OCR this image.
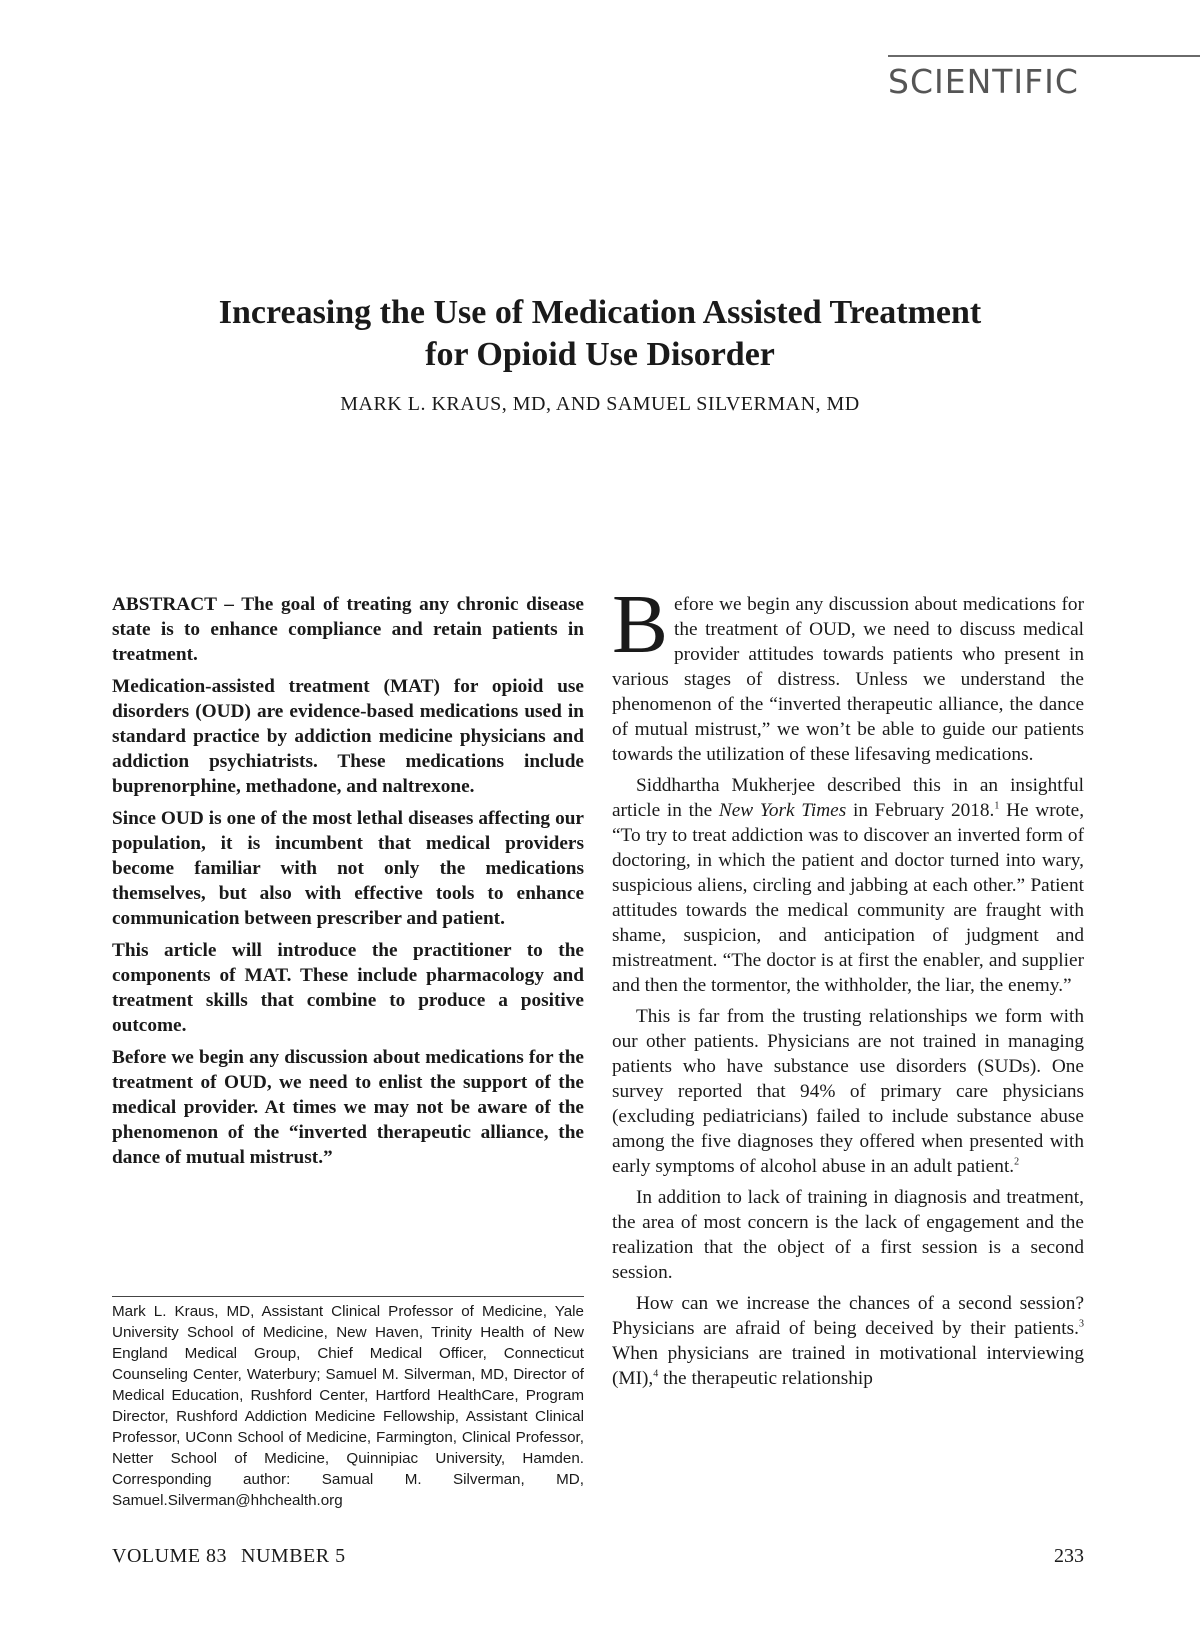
SCIENTIFIC
Increasing the Use of Medication Assisted Treatment
for Opioid Use Disorder
MARK L. KRAUS, MD, AND SAMUEL SILVERMAN, MD

ABSTRACT – The goal of treating any chronic disease state is to enhance compliance and retain patients in treatment.

Medication-assisted treatment (MAT) for opioid use disorders (OUD) are evidence-based medications used in standard practice by addiction medicine physicians and addiction psychiatrists. These medications include buprenorphine, methadone, and naltrexone.

Since OUD is one of the most lethal diseases affecting our population, it is incumbent that medical providers become familiar with not only the medications themselves, but also with effective tools to enhance communication between prescriber and patient.

This article will introduce the practitioner to the components of MAT. These include pharmacology and treatment skills that combine to produce a positive outcome.

Before we begin any discussion about medications for the treatment of OUD, we need to enlist the support of the medical provider. At times we may not be aware of the phenomenon of the “inverted therapeutic alliance, the dance of mutual mistrust.”

Mark L. Kraus, MD, Assistant Clinical Professor of Medicine, Yale University School of Medicine, New Haven, Trinity Health of New England Medical Group, Chief Medical Officer, Connecticut Counseling Center, Waterbury; Samuel M. Silverman, MD, Director of Medical Education, Rushford Center, Hartford HealthCare, Program Director, Rushford Addiction Medicine Fellowship, Assistant Clinical Professor, UConn School of Medicine, Farmington, Clinical Professor, Netter School of Medicine, Quinnipiac University, Hamden. Corresponding author: Samual M. Silverman, MD, Samuel.Silverman@hhchealth.org

Before we begin any discussion about medications for the treatment of OUD, we need to discuss medical provider attitudes towards patients who present in various stages of distress. Unless we understand the phenomenon of the “inverted therapeutic alliance, the dance of mutual mistrust,” we won’t be able to guide our patients towards the utilization of these lifesaving medications.

Siddhartha Mukherjee described this in an insightful article in the New York Times in February 2018.$^1$ He wrote, “To try to treat addiction was to discover an inverted form of doctoring, in which the patient and doctor turned into wary, suspicious aliens, circling and jabbing at each other.” Patient attitudes towards the medical community are fraught with shame, suspicion, and anticipation of judgment and mistreatment. “The doctor is at first the enabler, and supplier and then the tormentor, the withholder, the liar, the enemy.”

This is far from the trusting relationships we form with our other patients. Physicians are not trained in managing patients who have substance use disorders (SUDs). One survey reported that 94% of primary care physicians (excluding pediatricians) failed to include substance abuse among the five diagnoses they offered when presented with early symptoms of alcohol abuse in an adult patient.$^2$

In addition to lack of training in diagnosis and treatment, the area of most concern is the lack of engagement and the realization that the object of a first session is a second session.

How can we increase the chances of a second session? Physicians are afraid of being deceived by their patients.$^3$ When physicians are trained in motivational interviewing (MI),$^4$ the therapeutic relationship

VOLUME 83 NUMBER 5	233
